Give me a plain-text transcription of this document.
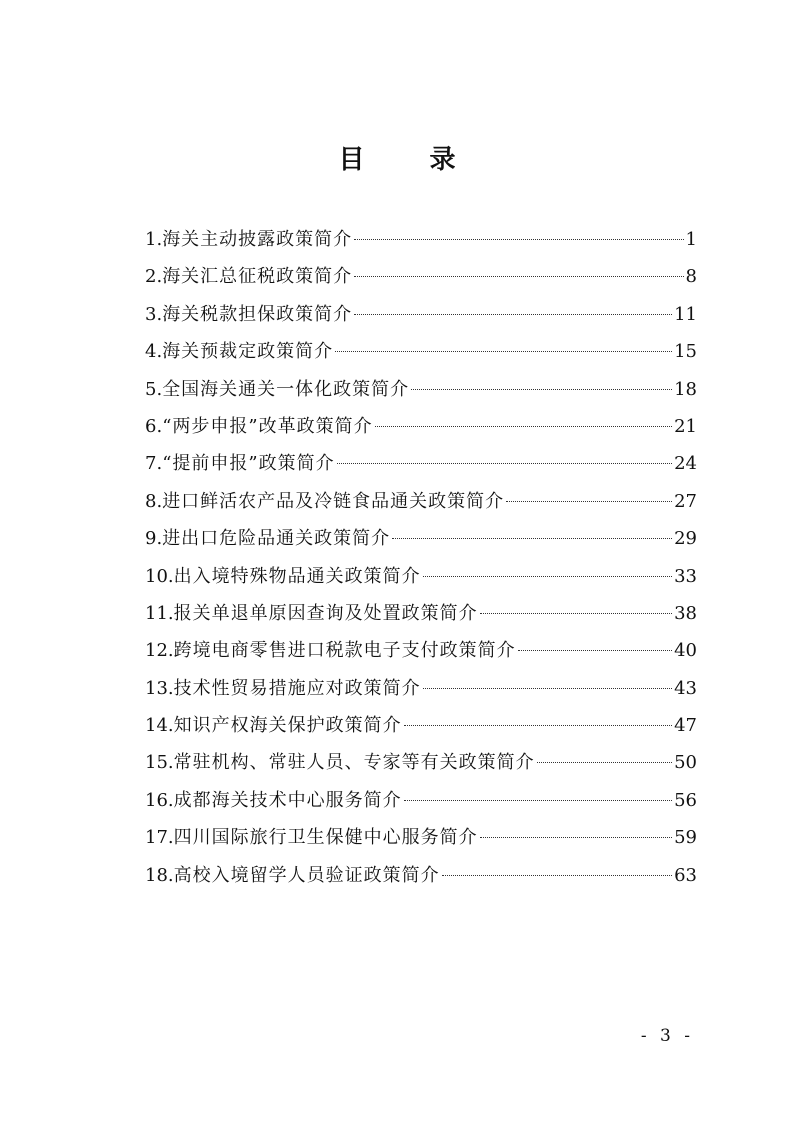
目 录
1. 海关主动披露政策简介	1
2. 海关汇总征税政策简介	8
3. 海关税款担保政策简介	11
4. 海关预裁定政策简介	15
5. 全国海关通关一体化政策简介	18
6. “两步申报”改革政策简介	21
7. “提前申报”政策简介	24
8. 进口鲜活农产品及冷链食品通关政策简介	27
9. 进出口危险品通关政策简介	29
10. 出入境特殊物品通关政策简介	33
11. 报关单退单原因查询及处置政策简介	38
12. 跨境电商零售进口税款电子支付政策简介	40
13. 技术性贸易措施应对政策简介	43
14. 知识产权海关保护政策简介	47
15. 常驻机构、常驻人员、专家等有关政策简介	50
16. 成都海关技术中心服务简介	56
17. 四川国际旅行卫生保健中心服务简介	59
18. 高校入境留学人员验证政策简介	63
- 3 -
